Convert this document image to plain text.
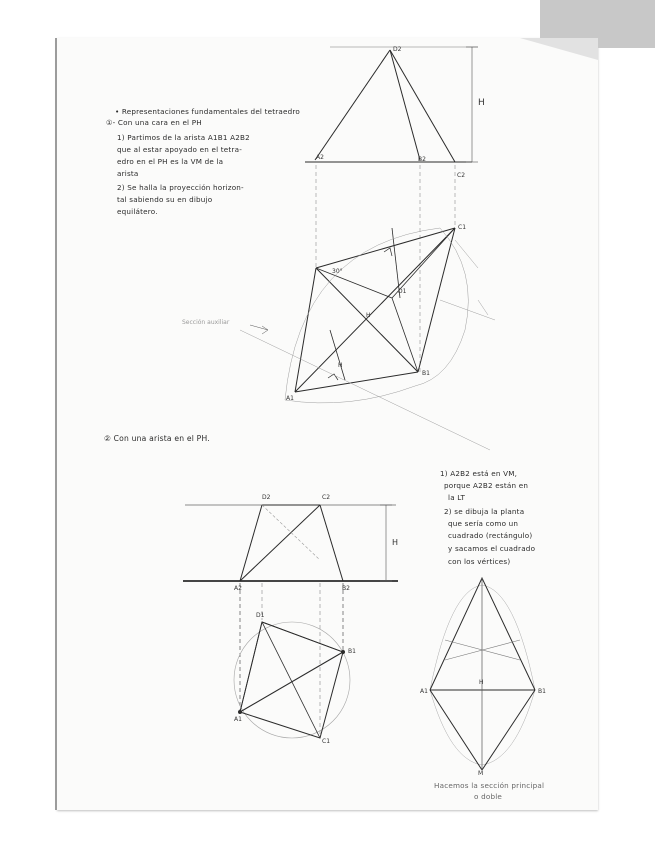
• Representaciones fundamentales del tetraedro
①- Con una cara en el PH
1) Partimos de la arista A1B1 A2B2
que al estar apoyado en el tetra-
edro en el PH es la VM de la
arista
2) Se halla la proyección horizon-
tal sabiendo su en dibujo
equilátero.
D2
A2	B2
C2
H
C1
A1
B1
D1
30°
H
H
Sección auxiliar
② Con una arista en el PH.
1) A2B2 está en VM,
porque A2B2 están en
la LT
2) se dibuja la planta
que sería como un
cuadrado (rectángulo)
y sacamos el cuadrado
con los vértices)
D2	C2
A2	B2
H
D1
B1
A1
C1
A1	B1
H
M
Hacemos la sección principal
o doble
